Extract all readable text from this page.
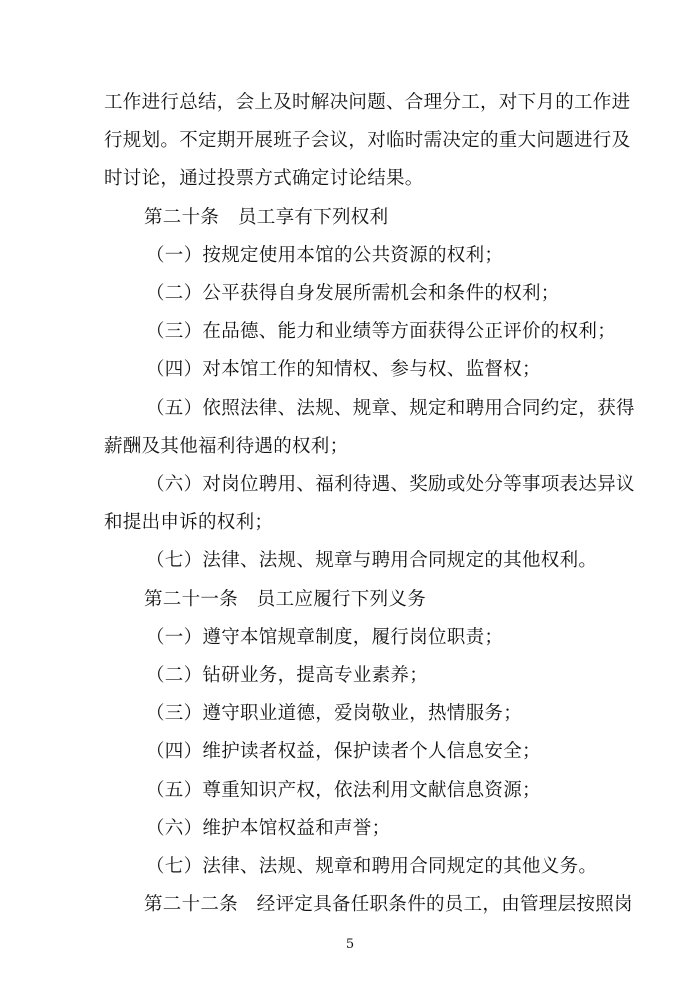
工作进行总结，会上及时解决问题、合理分工，对下月的工作进
行规划。不定期开展班子会议，对临时需决定的重大问题进行及
时讨论，通过投票方式确定讨论结果。
第二十条　员工享有下列权利
（一）按规定使用本馆的公共资源的权利；
（二）公平获得自身发展所需机会和条件的权利；
（三）在品德、能力和业绩等方面获得公正评价的权利；
（四）对本馆工作的知情权、参与权、监督权；
（五）依照法律、法规、规章、规定和聘用合同约定，获得
薪酬及其他福利待遇的权利；
（六）对岗位聘用、福利待遇、奖励或处分等事项表达异议
和提出申诉的权利；
（七）法律、法规、规章与聘用合同规定的其他权利。
第二十一条　员工应履行下列义务
（一）遵守本馆规章制度，履行岗位职责；
（二）钻研业务，提高专业素养；
（三）遵守职业道德，爱岗敬业，热情服务；
（四）维护读者权益，保护读者个人信息安全；
（五）尊重知识产权，依法利用文献信息资源；
（六）维护本馆权益和声誉；
（七）法律、法规、规章和聘用合同规定的其他义务。
第二十二条　经评定具备任职条件的员工，由管理层按照岗
5
